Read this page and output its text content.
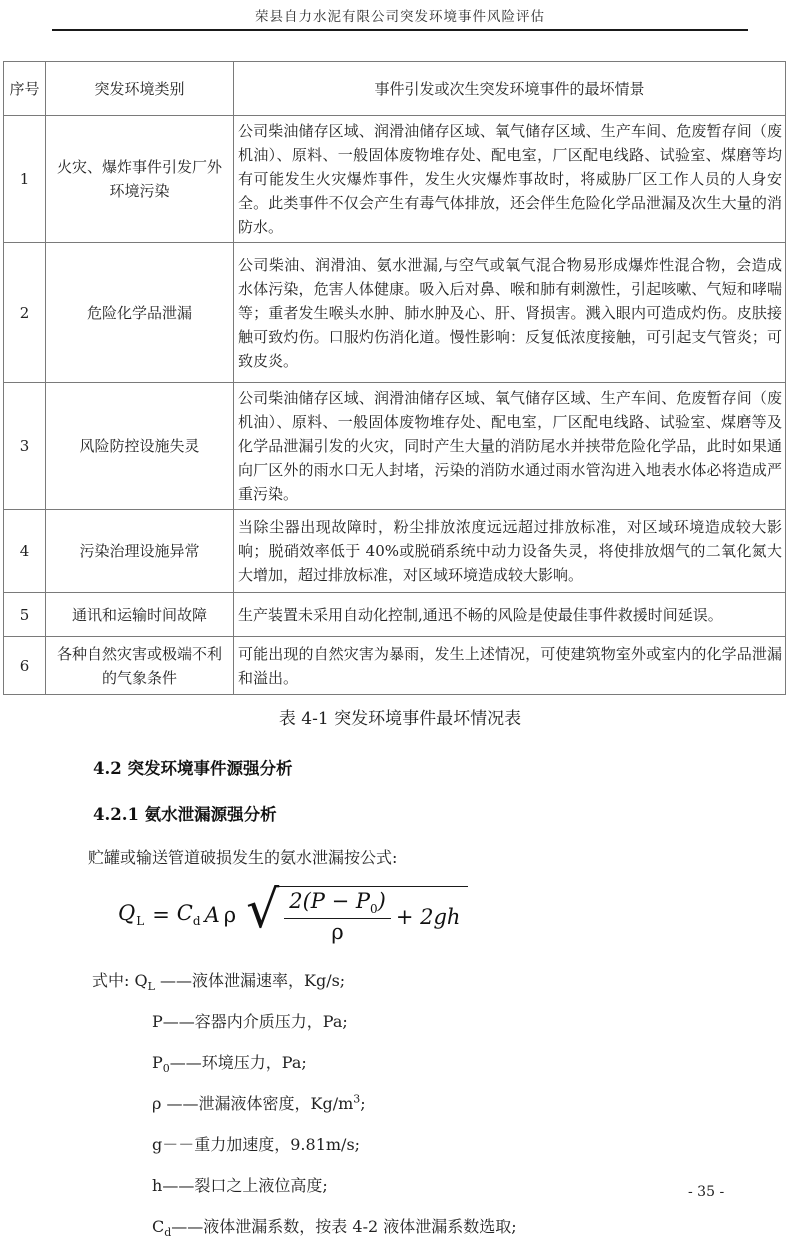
荣县自力水泥有限公司突发环境事件风险评估
序号	突发环境类别	事件引发或次生突发环境事件的最坏情景
1	火灾、爆炸事件引发厂外环境污染	公司柴油储存区域、润滑油储存区域、氧气储存区域、生产车间、危废暂存间（废机油）、原料、一般固体废物堆存处、配电室，厂区配电线路、试验室、煤磨等均有可能发生火灾爆炸事件，发生火灾爆炸事故时，将威胁厂区工作人员的人身安全。此类事件不仅会产生有毒气体排放，还会伴生危险化学品泄漏及次生大量的消防水。
2	危险化学品泄漏	公司柴油、润滑油、氨水泄漏,与空气或氧气混合物易形成爆炸性混合物，会造成水体污染，危害人体健康。吸入后对鼻、喉和肺有刺激性，引起咳嗽、气短和哮喘等；重者发生喉头水肿、肺水肿及心、肝、肾损害。溅入眼内可造成灼伤。皮肤接触可致灼伤。口服灼伤消化道。慢性影响：反复低浓度接触，可引起支气管炎；可致皮炎。
3	风险防控设施失灵	公司柴油储存区域、润滑油储存区域、氧气储存区域、生产车间、危废暂存间（废机油）、原料、一般固体废物堆存处、配电室，厂区配电线路、试验室、煤磨等及化学品泄漏引发的火灾，同时产生大量的消防尾水并挟带危险化学品，此时如果通向厂区外的雨水口无人封堵，污染的消防水通过雨水管沟进入地表水体必将造成严重污染。
4	污染治理设施异常	当除尘器出现故障时，粉尘排放浓度远远超过排放标准，对区域环境造成较大影响；脱硝效率低于 40%或脱硝系统中动力设备失灵，将使排放烟气的二氧化氮大大增加，超过排放标准，对区域环境造成较大影响。
5	通讯和运输时间故障	生产装置未采用自动化控制,通迅不畅的风险是使最佳事件救援时间延误。
6	各种自然灾害或极端不利的气象条件	可能出现的自然灾害为暴雨，发生上述情况，可使建筑物室外或室内的化学品泄漏和溢出。
表 4-1 突发环境事件最坏情况表
4.2 突发环境事件源强分析
4.2.1 氨水泄漏源强分析
贮罐或输送管道破损发生的氨水泄漏按公式:
$Q_L = C_d$ A ρ √ $\frac{2(P - P_0)}{\rho} + 2gh$
式中: $Q_L$ ——液体泄漏速率，Kg/s;
P——容器内介质压力，Pa;
$P_0——$环境压力，Pa;
ρ ——泄漏液体密度，$Kg/m^3$;
g－－重力加速度，9.81m/s;
h——裂口之上液位高度;
$C_d——$液体泄漏系数，按表 4-2 液体泄漏系数选取;
- 35 -
